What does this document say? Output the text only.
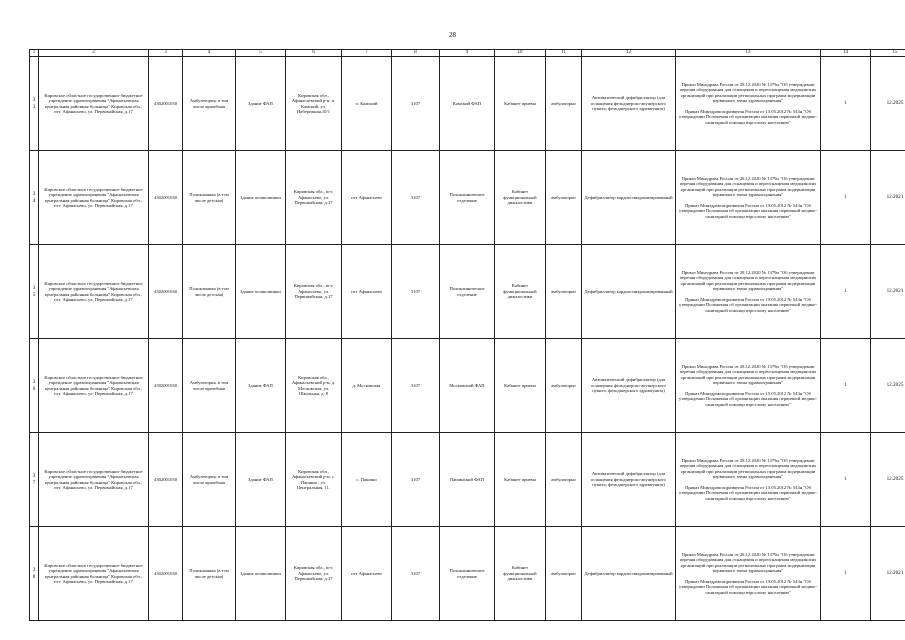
28
1	2	3	4	5	6	7	8	9	10	11	12	13	14	15
33	Кировское областное государственное бюджетное учреждение здравоохранения "Афанасьевская центральная районная больница" Кировская обл., пгт. Афанасьево, ул. Первомайская, д.17	4302001030	Амбулатория, в том числе врачебная	Здание ФАП	Кировская обл., Афанасьевский р-н, п. Камский, ул. Набережная,10/1	п. Камский	3107	Камский ФАП	Кабинет приема	амбулаторно	Автоматический дефибриллятор (для оснащения фельдшерско-акушерского пункта, фельдшерского здравпункта)	Приказ Минздрава России от 28.12.2020 № 1379н "Об утверждении перечня оборудования для оснащения и переоснащения медицинских организаций при реализации региональных программ модернизации первичного звена здравоохранения"
Приказ Минздравсоцразвития России от 15.05.2012 № 543н "Об утверждении Положения об организации оказания первичной медико-санитарной помощи взрослому населению"	1	12.2025
34	Кировское областное государственное бюджетное учреждение здравоохранения "Афанасьевская центральная районная больница" Кировская обл., пгт. Афанасьево, ул. Первомайская, д.17	4302001030	Поликлиника (в том числе детская)	Здание поликлиники	Кировская обл., пгт. Афанасьево, ул. Первомайская, д.17	пгт Афанасьево	3107	Поликлиническое отделение	Кабинет функциональной диагностики	амбулаторно	Дефибриллятор кардиосинхронизированный	Приказ Минздрава России от 28.12.2020 № 1379н "Об утверждении перечня оборудования для оснащения и переоснащения медицинских организаций при реализации региональных программ модернизации первичного звена здравоохранения"
Приказ Минздравсоцразвития России от 15.05.2012 № 543н "Об утверждении Положения об организации оказания первичной медико-санитарной помощи взрослому населению"	1	12.2021
35	Кировское областное государственное бюджетное учреждение здравоохранения "Афанасьевская центральная районная больница" Кировская обл., пгт. Афанасьево, ул. Первомайская, д.17	4302001030	Поликлиника (в том числе детская)	Здание поликлиники	Кировская обл., пгт. Афанасьево, ул. Первомайская, д.17	пгт Афанасьево	3107	Поликлиническое отделение	Кабинет функциональной диагностики	амбулаторно	Дефибриллятор кардиосинхронизированный	Приказ Минздрава России от 28.12.2020 № 1379н "Об утверждении перечня оборудования для оснащения и переоснащения медицинских организаций при реализации региональных программ модернизации первичного звена здравоохранения"
Приказ Минздравсоцразвития России от 15.05.2012 № 543н "Об утверждении Положения об организации оказания первичной медико-санитарной помощи взрослому населению"	1	12.2021
36	Кировское областное государственное бюджетное учреждение здравоохранения "Афанасьевская центральная районная больница" Кировская обл., пгт. Афанасьево, ул. Первомайская, д.17	4302001030	Амбулатория, в том числе врачебная	Здание ФАП	Кировская обл., Афанасьевский р-н, д. Московская, ул. Школьная, д. 8	д. Московская	3107	Московский ФАП	Кабинет приема	амбулаторно	Автоматический дефибриллятор (для оснащения фельдшерско-акушерского пункта, фельдшерского здравпункта)	Приказ Минздрава России от 28.12.2020 № 1379н "Об утверждении перечня оборудования для оснащения и переоснащения медицинских организаций при реализации региональных программ модернизации первичного звена здравоохранения"
Приказ Минздравсоцразвития России от 15.05.2012 № 543н "Об утверждении Положения об организации оказания первичной медико-санитарной помощи взрослому населению"	1	12.2025
37	Кировское областное государственное бюджетное учреждение здравоохранения "Афанасьевская центральная районная больница" Кировская обл., пгт. Афанасьево, ул. Первомайская, д.17	4302001030	Амбулатория, в том числе врачебная	Здание ФАП	Кировская обл., Афанасьевский р-н, с. Пашино , ул. Центральная, 11.	с. Пашино	3107	Пашинский ФАП	Кабинет приема	амбулаторно	Автоматический дефибриллятор (для оснащения фельдшерско-акушерского пункта, фельдшерского здравпункта)	Приказ Минздрава России от 28.12.2020 № 1379н "Об утверждении перечня оборудования для оснащения и переоснащения медицинских организаций при реализации региональных программ модернизации первичного звена здравоохранения"
Приказ Минздравсоцразвития России от 15.05.2012 № 543н "Об утверждении Положения об организации оказания первичной медико-санитарной помощи взрослому населению"	1	12.2025
38	Кировское областное государственное бюджетное учреждение здравоохранения "Афанасьевская центральная районная больница" Кировская обл., пгт. Афанасьево, ул. Первомайская, д.17	4302001030	Поликлиника (в том числе детская)	Здание поликлиники	Кировская обл., пгт. Афанасьево, ул. Первомайская, д.17	пгт Афанасьево	3107	Поликлиническое отделение	Кабинет функциональной диагностики	амбулаторно	Дефибриллятор кардиосинхронизированный	Приказ Минздрава России от 28.12.2020 № 1379н "Об утверждении перечня оборудования для оснащения и переоснащения медицинских организаций при реализации региональных программ модернизации первичного звена здравоохранения"
Приказ Минздравсоцразвития России от 15.05.2012 № 543н "Об утверждении Положения об организации оказания первичной медико-санитарной помощи взрослому населению"	1	12.2021
